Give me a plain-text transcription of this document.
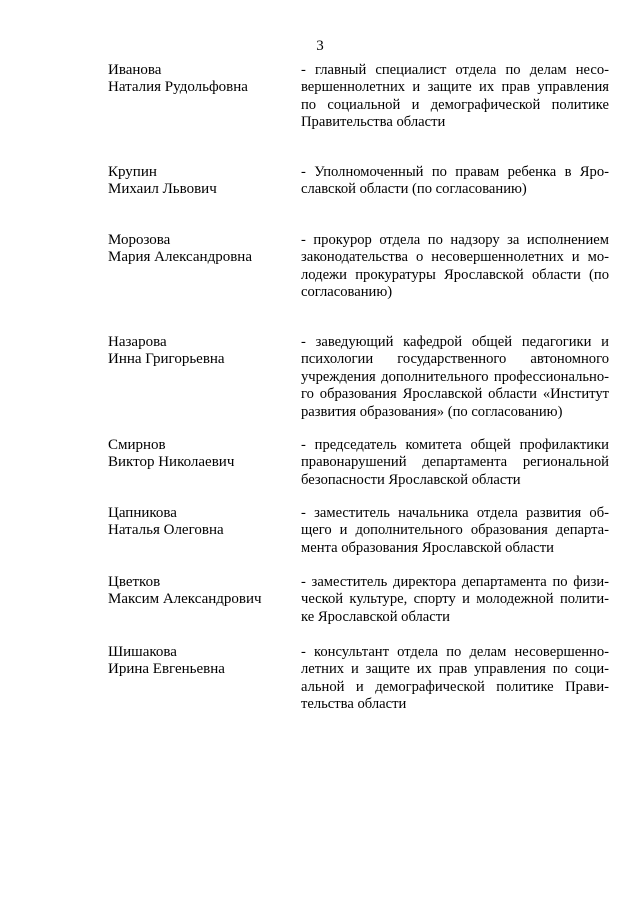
3
Иванова
Наталия Рудольфовна
- главный специалист отдела по делам несо-
вершеннолетних и защите их прав управления
по социальной и демографической политике
Правительства области
Крупин
Михаил Львович
- Уполномоченный по правам ребенка в Яро-
славской области (по согласованию)
Морозова
Мария Александровна
- прокурор отдела по надзору за исполнением
законодательства о несовершеннолетних и мо-
лодежи прокуратуры Ярославской области (по
согласованию)
Назарова
Инна Григорьевна
- заведующий кафедрой общей педагогики и
психологии государственного автономного
учреждения дополнительного профессионально-
го образования Ярославской области «Институт
развития образования» (по согласованию)
Смирнов
Виктор Николаевич
- председатель комитета общей профилактики
правонарушений департамента региональной
безопасности Ярославской области
Цапникова
Наталья Олеговна
- заместитель начальника отдела развития об-
щего и дополнительного образования департа-
мента образования Ярославской области
Цветков
Максим Александрович
- заместитель директора департамента по физи-
ческой культуре, спорту и молодежной полити-
ке Ярославской области
Шишакова
Ирина Евгеньевна
- консультант отдела по делам несовершенно-
летних и защите их прав управления по соци-
альной и демографической политике Прави-
тельства области
